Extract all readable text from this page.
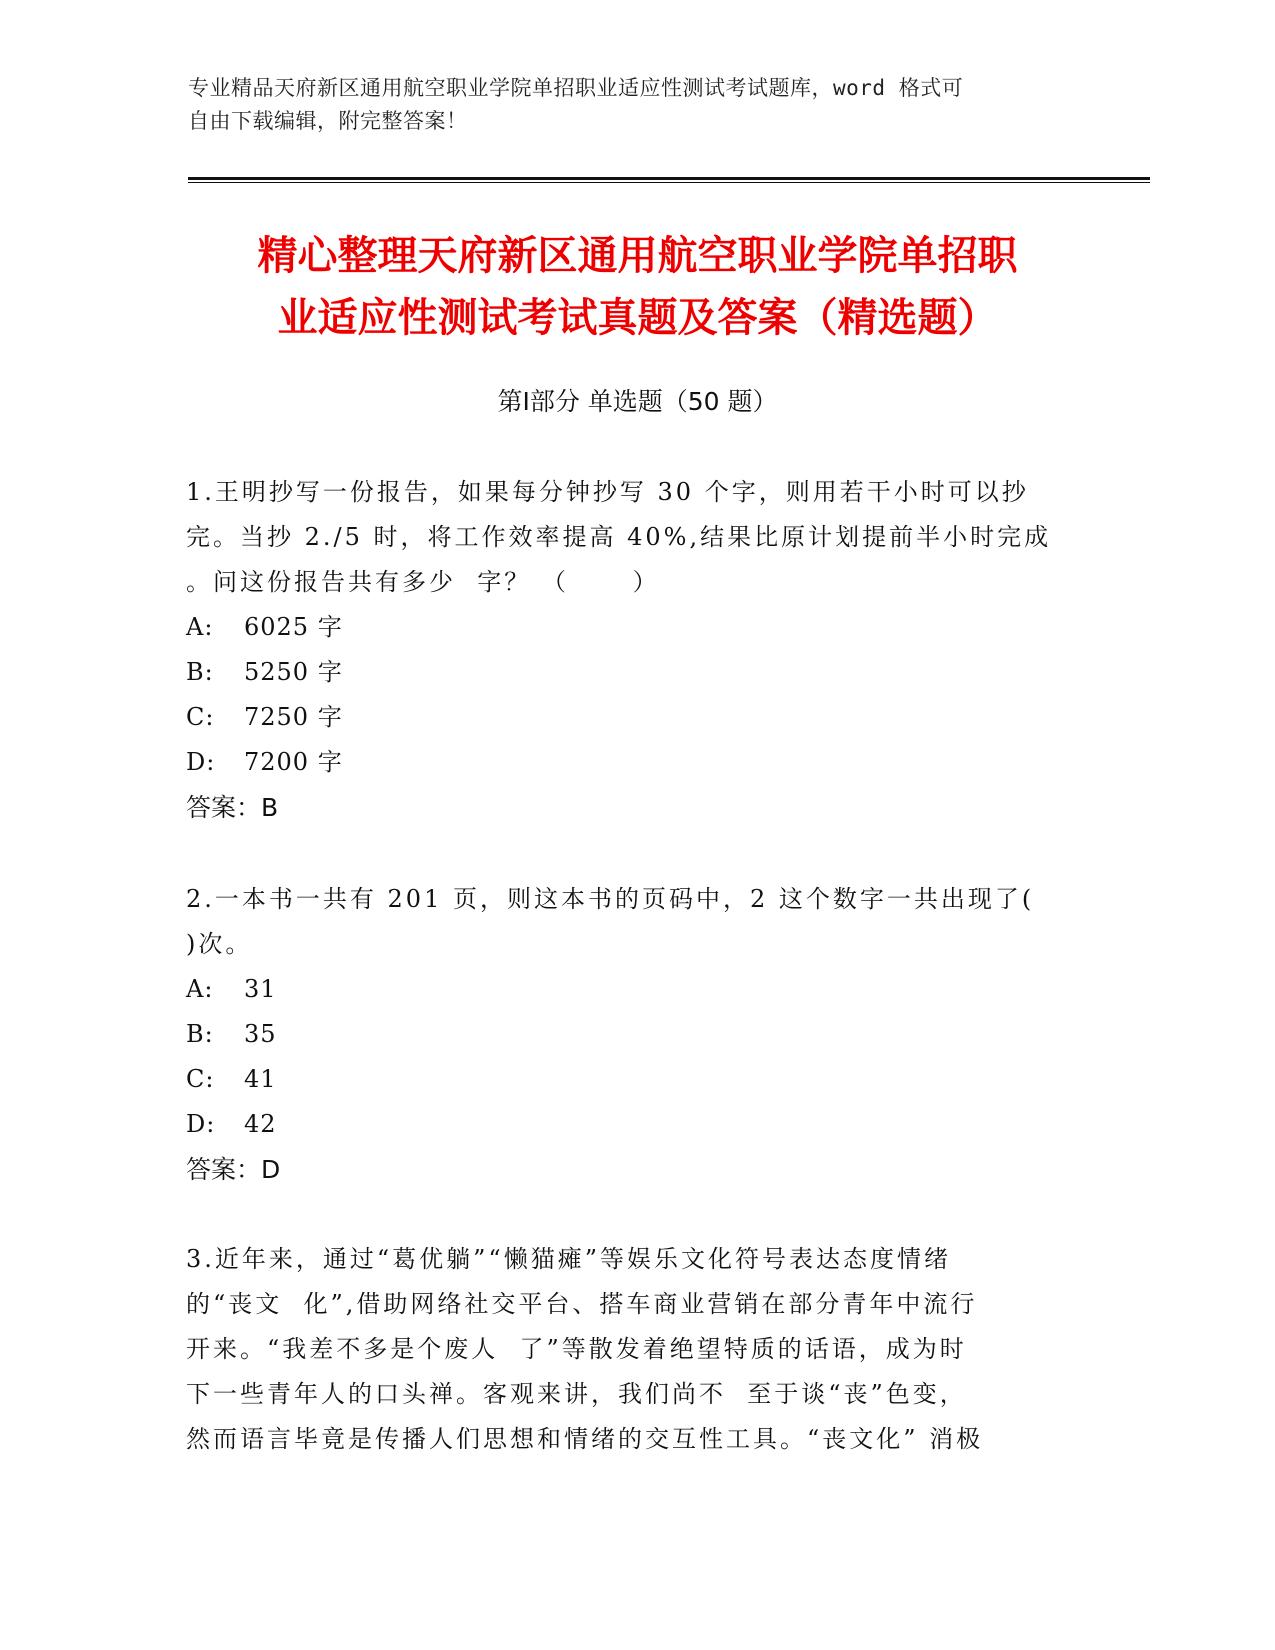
专业精品天府新区通用航空职业学院单招职业适应性测试考试题库，word 格式可
自由下载编辑，附完整答案！
精心整理天府新区通用航空职业学院单招职
业适应性测试考试真题及答案（精选题）
第Ⅰ部分 单选题（50 题）
1.王明抄写一份报告，如果每分钟抄写 30 个字，则用若干小时可以抄
完。当抄 2./5 时，将工作效率提高 40%,结果比原计划提前半小时完成
。问这份报告共有多少  字？ （      ）
A: 6025 字
B: 5250 字
C: 7250 字
D: 7200 字
答案：B
2.一本书一共有 201 页，则这本书的页码中，2 这个数字一共出现了(
)次。
A: 31
B: 35
C: 41
D: 42
答案：D
3.近年来，通过“葛优躺”“懒猫瘫”等娱乐文化符号表达态度情绪
的“丧文  化”,借助网络社交平台、搭车商业营销在部分青年中流行
开来。“我差不多是个废人  了”等散发着绝望特质的话语，成为时
下一些青年人的口头禅。客观来讲，我们尚不  至于谈“丧”色变，
然而语言毕竟是传播人们思想和情绪的交互性工具。“丧文化” 消极
